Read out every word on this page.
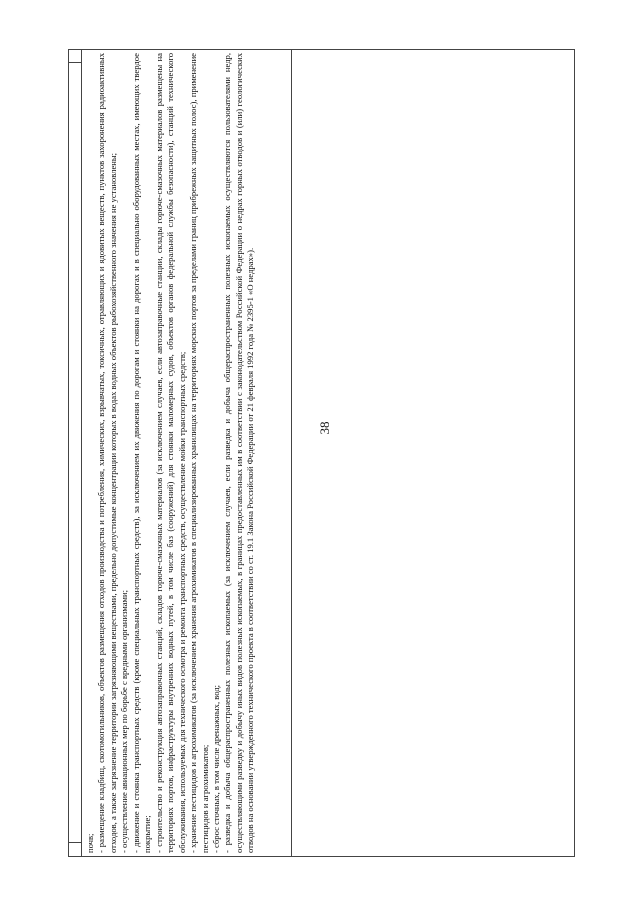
38

почв; - размещение кладбищ, скотомогильников, объектов размещения отходов производства и потребления, химических, взрывчатых, токсичных, отравляющих и ядовитых веществ, пунктов захоронения радиоактивных отходов, а также загрязнение территории загрязняющими веществами, предельно допустимые концентрации которых в водах водных объектов рыбохозяйственного значения не установлены; - осуществление авиационных мер по борьбе с вредными организмами; - движение и стоянка транспортных средств (кроме специальных транспортных средств), за исключением их движения по дорогам и стоянки на дорогах и в специально оборудованных местах, имеющих твердое покрытие; - строительство и реконструкция автозаправочных станций, складов горюче-смазочных материалов (за исключением случаев, если автозаправочные станции, склады горюче-смазочных материалов размещены на территориях портов, инфраструктуры внутренних водных путей, в том числе баз (сооружений) для стоянки маломерных судов, объектов органов федеральной службы безопасности), станций технического обслуживания, используемых для технического осмотра и ремонта транспортных средств, осуществление мойки транспортных средств; - хранение пестицидов и агрохимикатов (за исключением хранения агрохимикатов в специализированных хранилищах на территориях морских портов за пределами границ прибрежных защитных полос), применение пестицидов и агрохимикатов; - сброс сточных, в том числе дренажных, вод; - разведка и добыча общераспространенных полезных ископаемых (за исключением случаев, если разведка и добыча общераспространенных полезных ископаемых осуществляются пользователями недр, осуществляющими разведку и добычу иных видов полезных ископаемых, в границах предоставленных им в соответствии с законодательством Российской Федерации о недрах горных отводов и (или) геологических отводов на основании утвержденного технического проекта в соответствии со ст. 19.1 Закона Российской Федерации от 21 февраля 1992 года № 2395-1 «О недрах»).
